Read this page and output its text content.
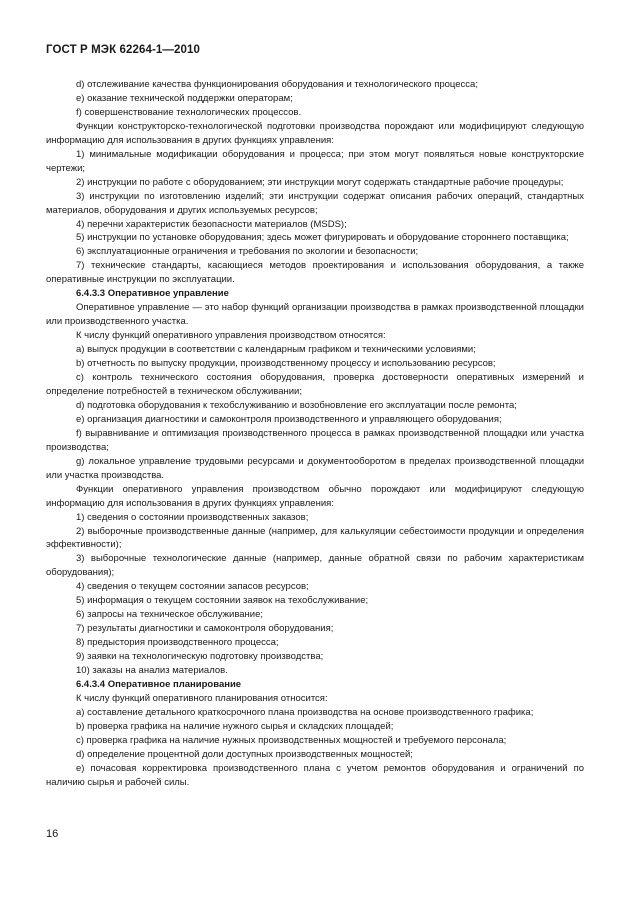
ГОСТ Р МЭК 62264-1—2010

d) отслеживание качества функционирования оборудования и технологического процесса;

e) оказание технической поддержки операторам;

f) совершенствование технологических процессов.

Функции конструкторско-технологической подготовки производства порождают или модифицируют следующую информацию для использования в других функциях управления:

1) минимальные модификации оборудования и процесса; при этом могут появляться новые конструкторские чертежи;

2) инструкции по работе с оборудованием; эти инструкции могут содержать стандартные рабочие процедуры;

3) инструкции по изготовлению изделий; эти инструкции содержат описания рабочих операций, стандартных материалов, оборудования и других используемых ресурсов;

4) перечни характеристик безопасности материалов (MSDS);

5) инструкции по установке оборудования; здесь может фигурировать и оборудование стороннего поставщика;

6) эксплуатационные ограничения и требования по экологии и безопасности;

7) технические стандарты, касающиеся методов проектирования и использования оборудования, а также оперативные инструкции по эксплуатации.

6.4.3.3 Оперативное управление

Оперативное управление — это набор функций организации производства в рамках производственной площадки или производственного участка.

К числу функций оперативного управления производством относятся:

a) выпуск продукции в соответствии с календарным графиком и техническими условиями;

b) отчетность по выпуску продукции, производственному процессу и использованию ресурсов;

c) контроль технического состояния оборудования, проверка достоверности оперативных измерений и определение потребностей в техническом обслуживании;

d) подготовка оборудования к техобслуживанию и возобновление его эксплуатации после ремонта;

e) организация диагностики и самоконтроля производственного и управляющего оборудования;

f) выравнивание и оптимизация производственного процесса в рамках производственной площадки или участка производства;

g) локальное управление трудовыми ресурсами и документооборотом в пределах производственной площадки или участка производства.

Функции оперативного управления производством обычно порождают или модифицируют следующую информацию для использования в других функциях управления:

1) сведения о состоянии производственных заказов;

2) выборочные производственные данные (например, для калькуляции себестоимости продукции и определения эффективности);

3) выборочные технологические данные (например, данные обратной связи по рабочим характеристикам оборудования);

4) сведения о текущем состоянии запасов ресурсов;

5) информация о текущем состоянии заявок на техобслуживание;

6) запросы на техническое обслуживание;

7) результаты диагностики и самоконтроля оборудования;

8) предыстория производственного процесса;

9) заявки на технологическую подготовку производства;

10) заказы на анализ материалов.

6.4.3.4 Оперативное планирование

К числу функций оперативного планирования относится:

a) составление детального краткосрочного плана производства на основе производственного графика;

b) проверка графика на наличие нужного сырья и складских площадей;

c) проверка графика на наличие нужных производственных мощностей и требуемого персонала;

d) определение процентной доли доступных производственных мощностей;

e) почасовая корректировка производственного плана с учетом ремонтов оборудования и ограничений по наличию сырья и рабочей силы.

16
